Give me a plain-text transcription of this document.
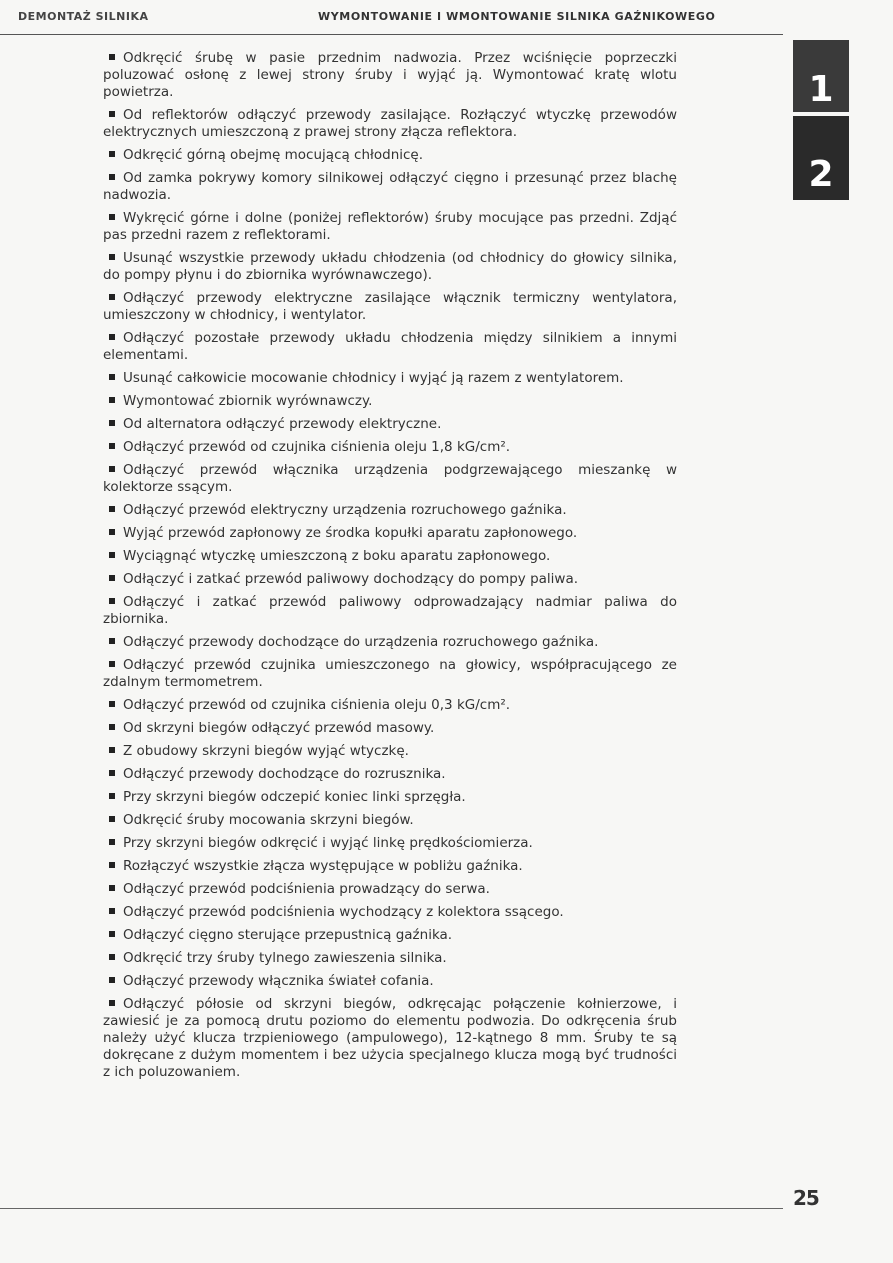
DEMONTAŻ SILNIKA	WYMONTOWANIE I WMONTOWANIE SILNIKA GAŹNIKOWEGO
1
2

Odkręcić śrubę w pasie przednim nadwozia. Przez wciśnięcie poprzeczki poluzować osłonę z lewej strony śruby i wyjąć ją. Wymontować kratę wlotu powietrza.

Od reflektorów odłączyć przewody zasilające. Rozłączyć wtyczkę przewodów elektrycznych umieszczoną z prawej strony złącza reflektora.

Odkręcić górną obejmę mocującą chłodnicę.

Od zamka pokrywy komory silnikowej odłączyć cięgno i przesunąć przez blachę nadwozia.

Wykręcić górne i dolne (poniżej reflektorów) śruby mocujące pas przedni. Zdjąć pas przedni razem z reflektorami.

Usunąć wszystkie przewody układu chłodzenia (od chłodnicy do głowicy silnika, do pompy płynu i do zbiornika wyrównawczego).

Odłączyć przewody elektryczne zasilające włącznik termiczny wentylatora, umieszczony w chłodnicy, i wentylator.

Odłączyć pozostałe przewody układu chłodzenia między silnikiem a innymi elementami.

Usunąć całkowicie mocowanie chłodnicy i wyjąć ją razem z wentylatorem.

Wymontować zbiornik wyrównawczy.

Od alternatora odłączyć przewody elektryczne.

Odłączyć przewód od czujnika ciśnienia oleju 1,8 kG/cm².

Odłączyć przewód włącznika urządzenia podgrzewającego mieszankę w kolektorze ssącym.

Odłączyć przewód elektryczny urządzenia rozruchowego gaźnika.

Wyjąć przewód zapłonowy ze środka kopułki aparatu zapłonowego.

Wyciągnąć wtyczkę umieszczoną z boku aparatu zapłonowego.

Odłączyć i zatkać przewód paliwowy dochodzący do pompy paliwa.

Odłączyć i zatkać przewód paliwowy odprowadzający nadmiar paliwa do zbiornika.

Odłączyć przewody dochodzące do urządzenia rozruchowego gaźnika.

Odłączyć przewód czujnika umieszczonego na głowicy, współpracującego ze zdalnym termometrem.

Odłączyć przewód od czujnika ciśnienia oleju 0,3 kG/cm².

Od skrzyni biegów odłączyć przewód masowy.

Z obudowy skrzyni biegów wyjąć wtyczkę.

Odłączyć przewody dochodzące do rozrusznika.

Przy skrzyni biegów odczepić koniec linki sprzęgła.

Odkręcić śruby mocowania skrzyni biegów.

Przy skrzyni biegów odkręcić i wyjąć linkę prędkościomierza.

Rozłączyć wszystkie złącza występujące w pobliżu gaźnika.

Odłączyć przewód podciśnienia prowadzący do serwa.

Odłączyć przewód podciśnienia wychodzący z kolektora ssącego.

Odłączyć cięgno sterujące przepustnicą gaźnika.

Odkręcić trzy śruby tylnego zawieszenia silnika.

Odłączyć przewody włącznika świateł cofania.

Odłączyć półosie od skrzyni biegów, odkręcając połączenie kołnierzowe, i zawiesić je za pomocą drutu poziomo do elementu podwozia. Do odkręcenia śrub należy użyć klucza trzpieniowego (ampulowego), 12-kątnego 8 mm. Śruby te są dokręcane z dużym momentem i bez użycia specjalnego klucza mogą być trudności z ich poluzowaniem.

25
